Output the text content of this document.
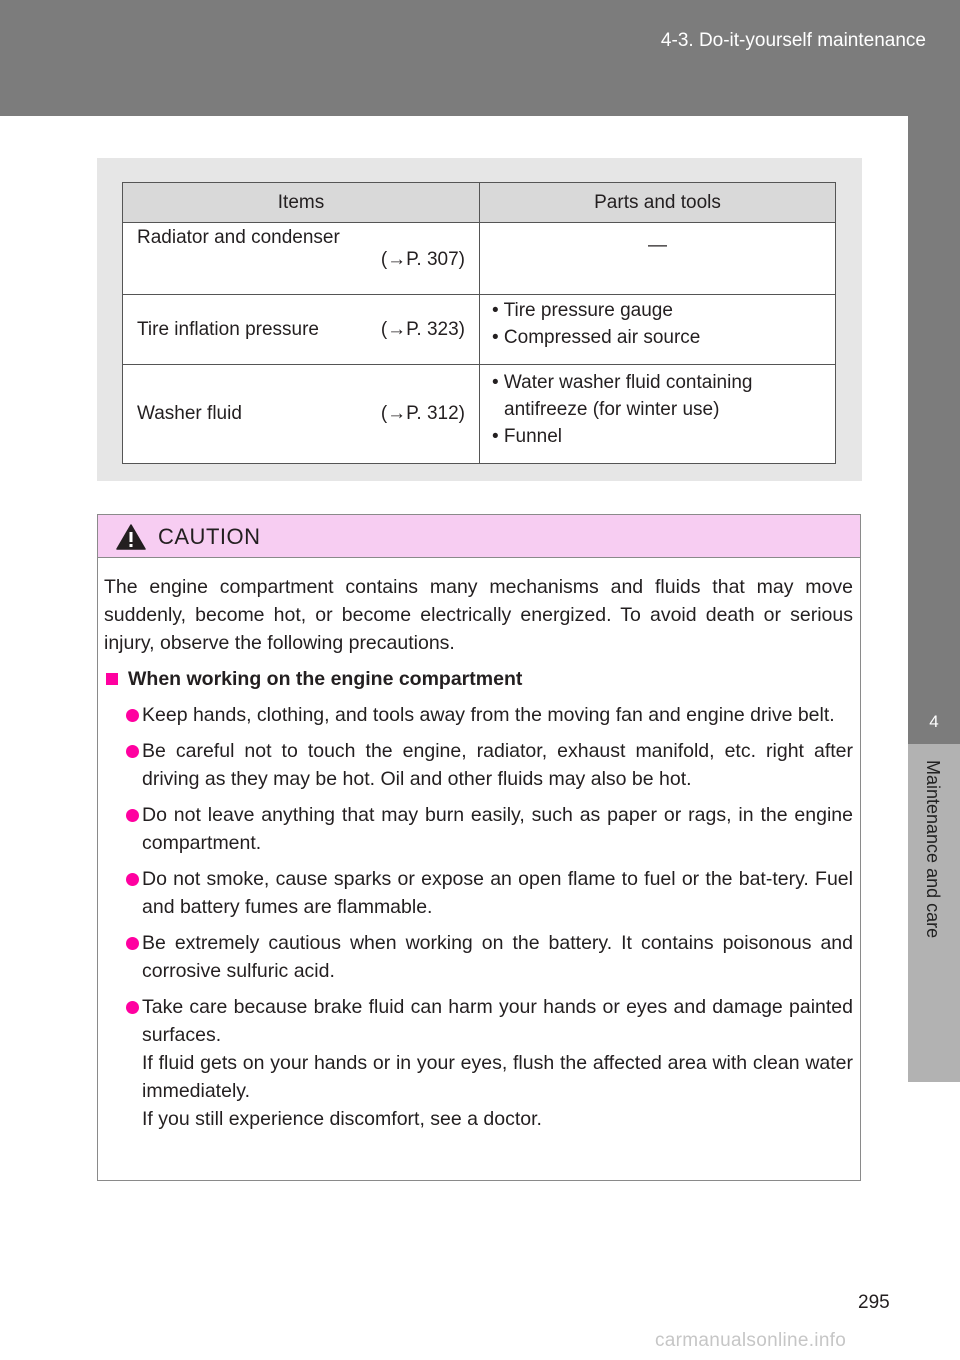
4-3. Do-it-yourself maintenance
4
Maintenance and care
Items	Parts and tools

Radiator and condenser
(→P. 307)	—

Tire inflation pressure (→P. 323)	• Tire pressure gauge
• Compressed air source

Washer fluid (→P. 312)	• Water washer fluid containing antifreeze (for winter use)
• Funnel
CAUTION

The engine compartment contains many mechanisms and fluids that may move suddenly, become hot, or become electrically energized. To avoid death or serious injury, observe the following precautions.

When working on the engine compartment
Keep hands, clothing, and tools away from the moving fan and engine drive belt.
Be careful not to touch the engine, radiator, exhaust manifold, etc. right after driving as they may be hot. Oil and other fluids may also be hot.
Do not leave anything that may burn easily, such as paper or rags, in the engine compartment.
Do not smoke, cause sparks or expose an open flame to fuel or the bat-tery. Fuel and battery fumes are flammable.
Be extremely cautious when working on the battery. It contains poisonous and corrosive sulfuric acid.
Take care because brake fluid can harm your hands or eyes and damage painted surfaces.
If fluid gets on your hands or in your eyes, flush the affected area with clean water immediately.
If you still experience discomfort, see a doctor.
295
carmanualsonline.info
